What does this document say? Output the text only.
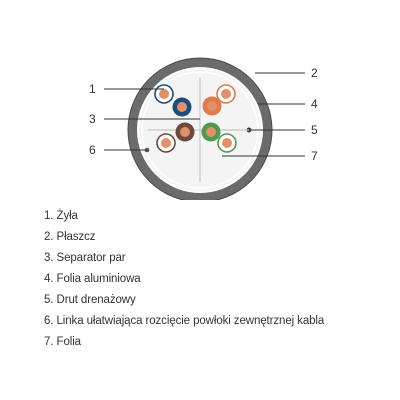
1
2
3
4
5
6	7
1. Żyła
2. Płaszcz
3. Separator par
4. Folia aluminiowa
5. Drut drenażowy
6. Linka ułatwiająca rozcięcie powłoki zewnętrznej kabla
7. Folia
